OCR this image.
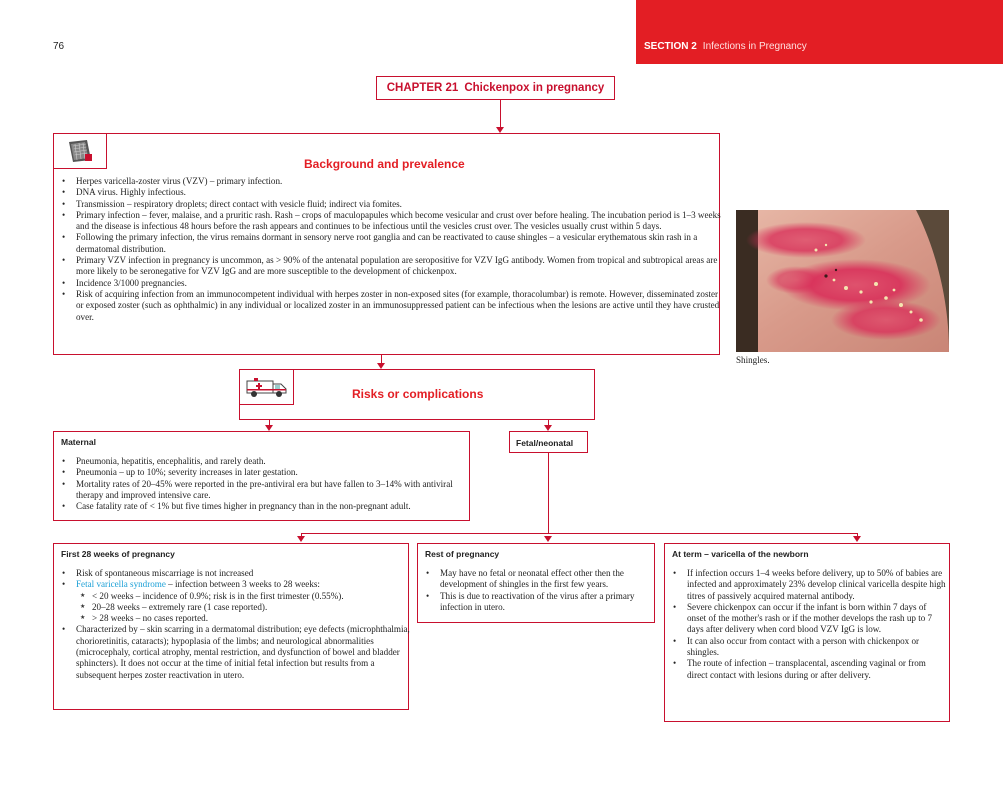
76	SECTION 2 Infections in Pregnancy
CHAPTER 21 Chickenpox in pregnancy
Background and prevalence
• Herpes varicella-zoster virus (VZV) – primary infection.
• DNA virus. Highly infectious.
• Transmission – respiratory droplets; direct contact with vesicle fluid; indirect via fomites.
• Primary infection – fever, malaise, and a pruritic rash. Rash – crops of maculopapules which become vesicular and crust over before healing. The incubation period is 1–3 weeks and the disease is infectious 48 hours before the rash appears and continues to be infectious until the vesicles crust over. The vesicles usually crust within 5 days.
• Following the primary infection, the virus remains dormant in sensory nerve root ganglia and can be reactivated to cause shingles – a vesicular erythematous skin rash in a dermatomal distribution.
• Primary VZV infection in pregnancy is uncommon, as > 90% of the antenatal population are seropositive for VZV IgG antibody. Women from tropical and subtropical areas are more likely to be seronegative for VZV IgG and are more susceptible to the development of chickenpox.
• Incidence 3/1000 pregnancies.
• Risk of acquiring infection from an immunocompetent individual with herpes zoster in non-exposed sites (for example, thoracolumbar) is remote. However, disseminated zoster or exposed zoster (such as ophthalmic) in any individual or localized zoster in an immunosuppressed patient can be infectious when the lesions are active until they have crusted over.
Shingles.
Risks or complications
Maternal
• Pneumonia, hepatitis, encephalitis, and rarely death.
• Pneumonia – up to 10%; severity increases in later gestation.
• Mortality rates of 20–45% were reported in the pre-antiviral era but have fallen to 3–14% with antiviral therapy and improved intensive care.
• Case fatality rate of < 1% but five times higher in pregnancy than in the non-pregnant adult.
Fetal/neonatal
First 28 weeks of pregnancy
• Risk of spontaneous miscarriage is not increased
• Fetal varicella syndrome – infection between 3 weeks to 28 weeks:
★ < 20 weeks – incidence of 0.9%; risk is in the first trimester (0.55%).
★ 20–28 weeks – extremely rare (1 case reported).
★ > 28 weeks – no cases reported.
• Characterized by – skin scarring in a dermatomal distribution; eye defects (microphthalmia, chorioretinitis, cataracts); hypoplasia of the limbs; and neurological abnormalities (microcephaly, cortical atrophy, mental restriction, and dysfunction of bowel and bladder sphincters). It does not occur at the time of initial fetal infection but results from a subsequent herpes zoster reactivation in utero.
Rest of pregnancy
• May have no fetal or neonatal effect other then the development of shingles in the first few years.
• This is due to reactivation of the virus after a primary infection in utero.
At term – varicella of the newborn
• If infection occurs 1–4 weeks before delivery, up to 50% of babies are infected and approximately 23% develop clinical varicella despite high titres of passively acquired maternal antibody.
• Severe chickenpox can occur if the infant is born within 7 days of onset of the mother's rash or if the mother develops the rash up to 7 days after delivery when cord blood VZV IgG is low.
• It can also occur from contact with a person with chickenpox or shingles.
• The route of infection – transplacental, ascending vaginal or from direct contact with lesions during or after delivery.
